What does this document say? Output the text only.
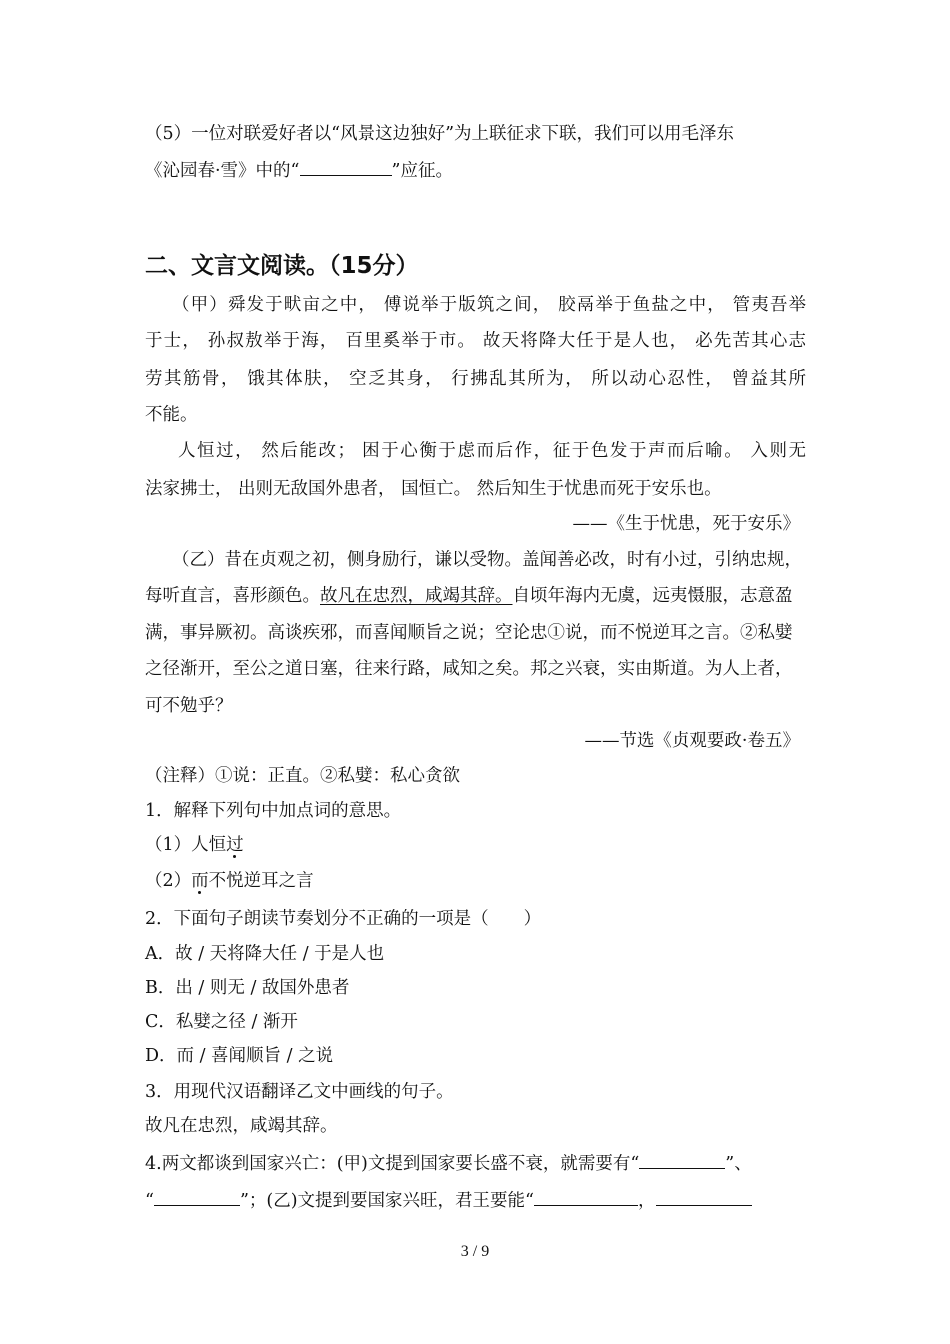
（5）一位对联爱好者以“风景这边独好”为上联征求下联，我们可以用毛泽东
《沁园春·雪》中的“	”应征。
二、文言文阅读。（15分）
（甲）舜发于畎亩之中， 傅说举于版筑之间， 胶鬲举于鱼盐之中， 管夷吾举
于士， 孙叔敖举于海， 百里奚举于市。 故天将降大任于是人也， 必先苦其心志
劳其筋骨， 饿其体肤， 空乏其身， 行拂乱其所为， 所以动心忍性， 曾益其所
不能。
人恒过， 然后能改； 困于心衡于虑而后作，征于色发于声而后喻。 入则无
法家拂士， 出则无敌国外患者， 国恒亡。 然后知生于忧患而死于安乐也。
——《生于忧患，死于安乐》
（乙）昔在贞观之初，侧身励行，谦以受物。盖闻善必改，时有小过，引纳忠规，
每听直言，喜形颜色。故凡在忠烈，咸竭其辞。自顷年海内无虞，远夷慑服，志意盈
满，事异厥初。高谈疾邪，而喜闻顺旨之说；空论忠①说，而不悦逆耳之言。②私嬖
之径渐开，至公之道日塞，往来行路，咸知之矣。邦之兴衰，实由斯道。为人上者，
可不勉乎？
——节选《贞观要政·卷五》
（注释）①说：正直。②私嬖：私心贪欲
1．解释下列句中加点词的意思。
（1）人恒过
（2）而不悦逆耳之言
2．下面句子朗读节奏划分不正确的一项是（　　）
A．故 / 天将降大任 / 于是人也
B．出 / 则无 / 敌国外患者
C．私嬖之径 / 渐开
D．而 / 喜闻顺旨 / 之说
3．用现代汉语翻译乙文中画线的句子。
故凡在忠烈，咸竭其辞。
4.两文都谈到国家兴亡：(甲)文提到国家要长盛不衰，就需要有“	”、
“	”；(乙)文提到要国家兴旺，君王要能“	，
3 / 9
